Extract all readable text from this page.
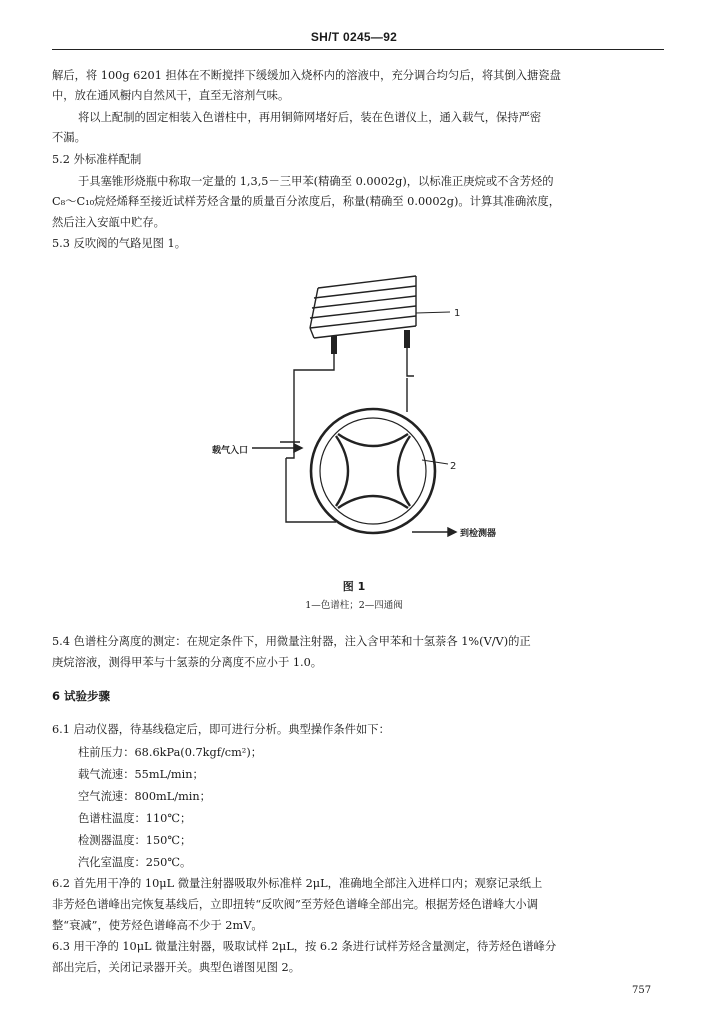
SH/T 0245—92
解后，将 100g 6201 担体在不断搅拌下缓缓加入烧杯内的溶液中，充分调合均匀后，将其倒入搪瓷盘
中，放在通风橱内自然风干，直至无溶剂气味。
将以上配制的固定相装入色谱柱中，再用铜筛网堵好后，装在色谱仪上，通入载气，保持严密
不漏。
5.2 外标准样配制
于具塞锥形烧瓶中称取一定量的 1,3,5－三甲苯(精确至 0.0002g)，以标准正庚烷或不含芳烃的
C₈～C₁₀烷烃烯释至接近试样芳烃含量的质量百分浓度后，称量(精确至 0.0002g)。计算其准确浓度，
然后注入安瓿中贮存。
5.3 反吹阀的气路见图 1。
1
载气入口
2
到检测器
图 1
1—色谱柱；2—四通阀
5.4 色谱柱分离度的测定：在规定条件下，用微量注射器，注入含甲苯和十氢萘各 1%(V/V)的正
庚烷溶液，测得甲苯与十氢萘的分离度不应小于 1.0。
6 试验步骤
6.1 启动仪器，待基线稳定后，即可进行分析。典型操作条件如下：
柱前压力：68.6kPa(0.7kgf/cm²)；
载气流速：55mL/min；
空气流速：800mL/min；
色谱柱温度：110℃；
检测器温度：150℃；
汽化室温度：250℃。
6.2 首先用干净的 10μL 微量注射器吸取外标准样 2μL，准确地全部注入进样口内；观察记录纸上
非芳烃色谱峰出完恢复基线后，立即扭转“反吹阀”至芳烃色谱峰全部出完。根据芳烃色谱峰大小调
整“衰减”，使芳烃色谱峰高不少于 2mV。
6.3 用干净的 10μL 微量注射器，吸取试样 2μL，按 6.2 条进行试样芳烃含量测定，待芳烃色谱峰分
部出完后，关闭记录器开关。典型色谱图见图 2。
757
